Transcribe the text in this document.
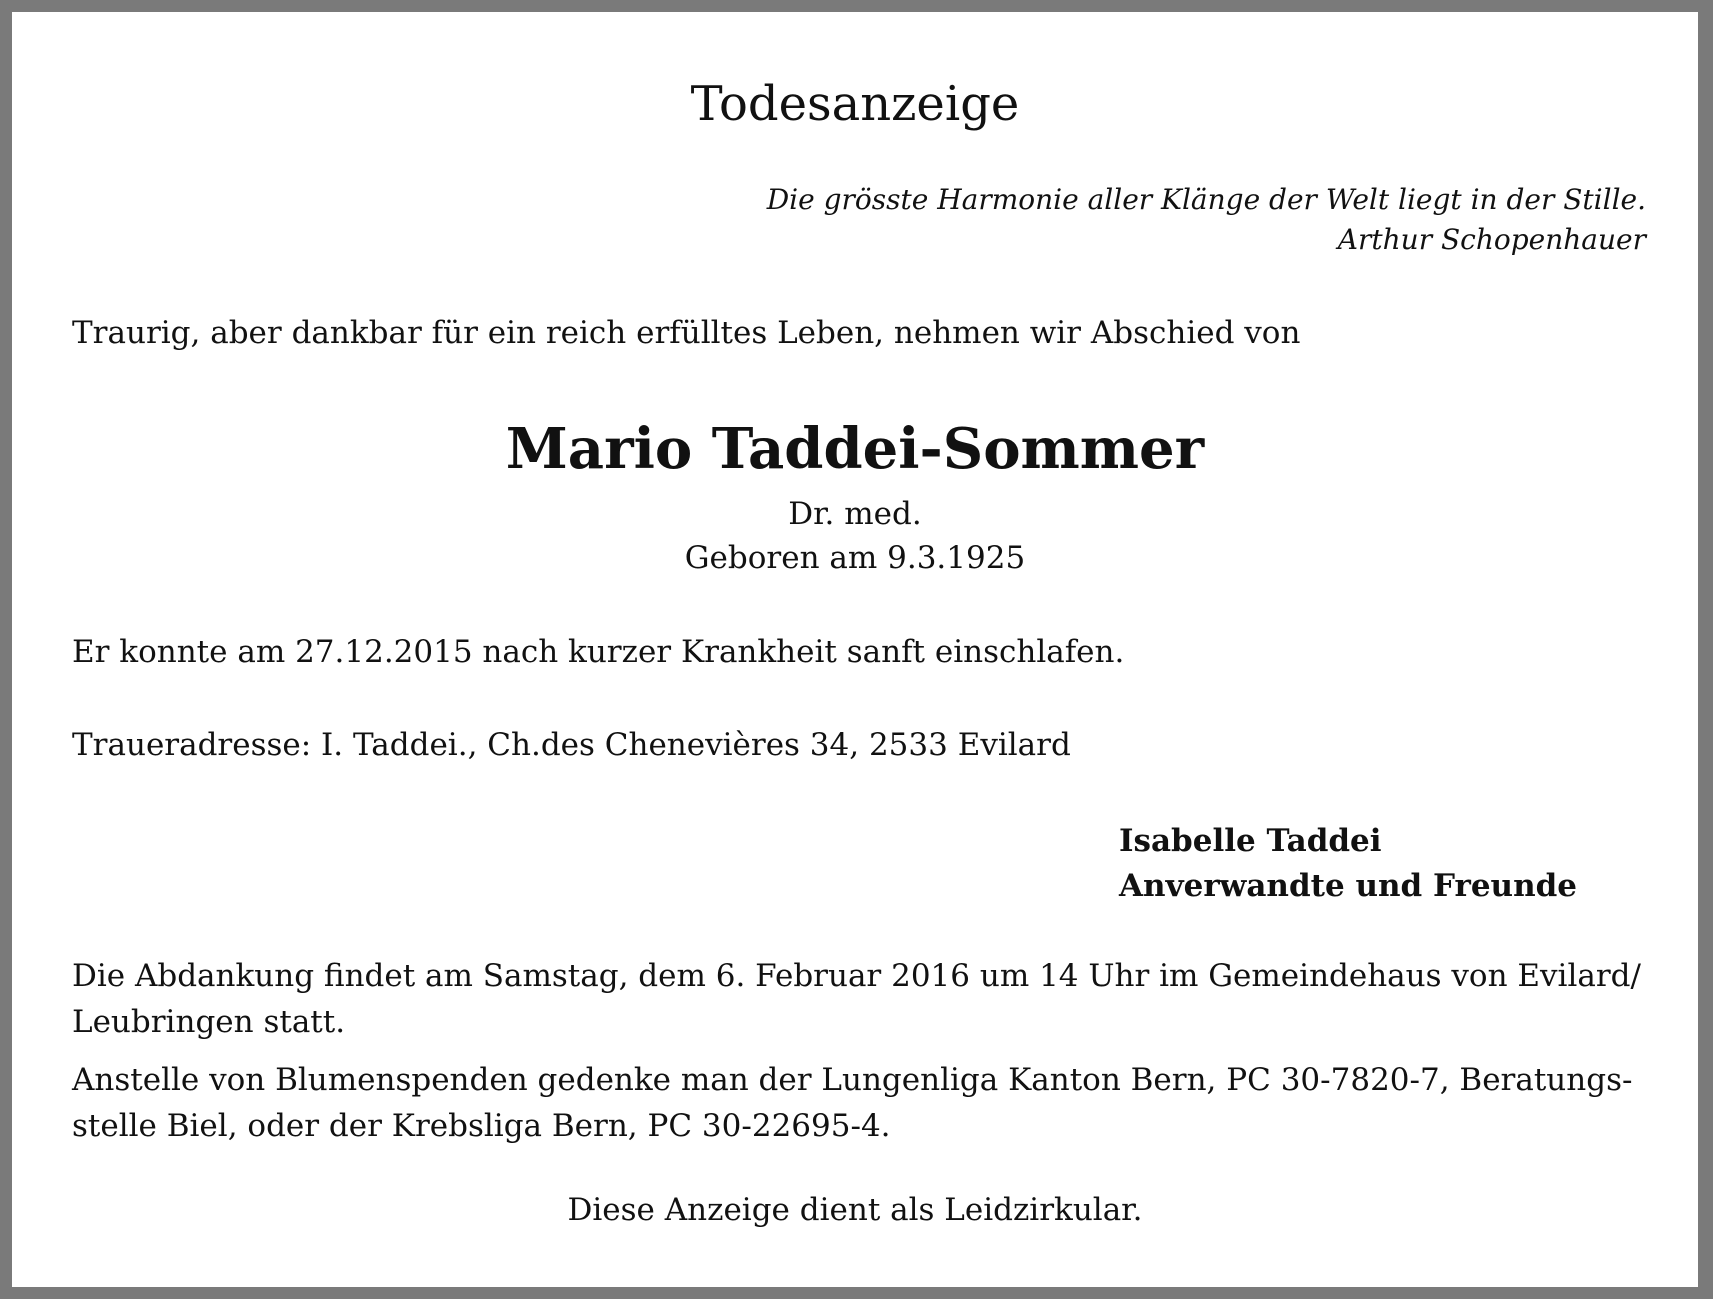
Todesanzeige
Die grösste Harmonie aller Klänge der Welt liegt in der Stille.
Arthur Schopenhauer

Traurig, aber dankbar für ein reich erfülltes Leben, nehmen wir Abschied von

Mario Taddei-Sommer

Dr. med.

Geboren am 9.3.1925

Er konnte am 27.12.2015 nach kurzer Krankheit sanft einschlafen.

Traueradresse: I. Taddei., Ch.des Chenevières 34, 2533 Evilard

Isabelle Taddei
Anverwandte und Freunde
Die Abdankung findet am Samstag, dem 6. Februar 2016 um 14 Uhr im Gemeindehaus von Evilard/
Leubringen statt.
Anstelle von Blumenspenden gedenke man der Lungenliga Kanton Bern, PC 30-7820-7, Beratungs-
stelle Biel, oder der Krebsliga Bern, PC 30-22695-4.

Diese Anzeige dient als Leidzirkular.
